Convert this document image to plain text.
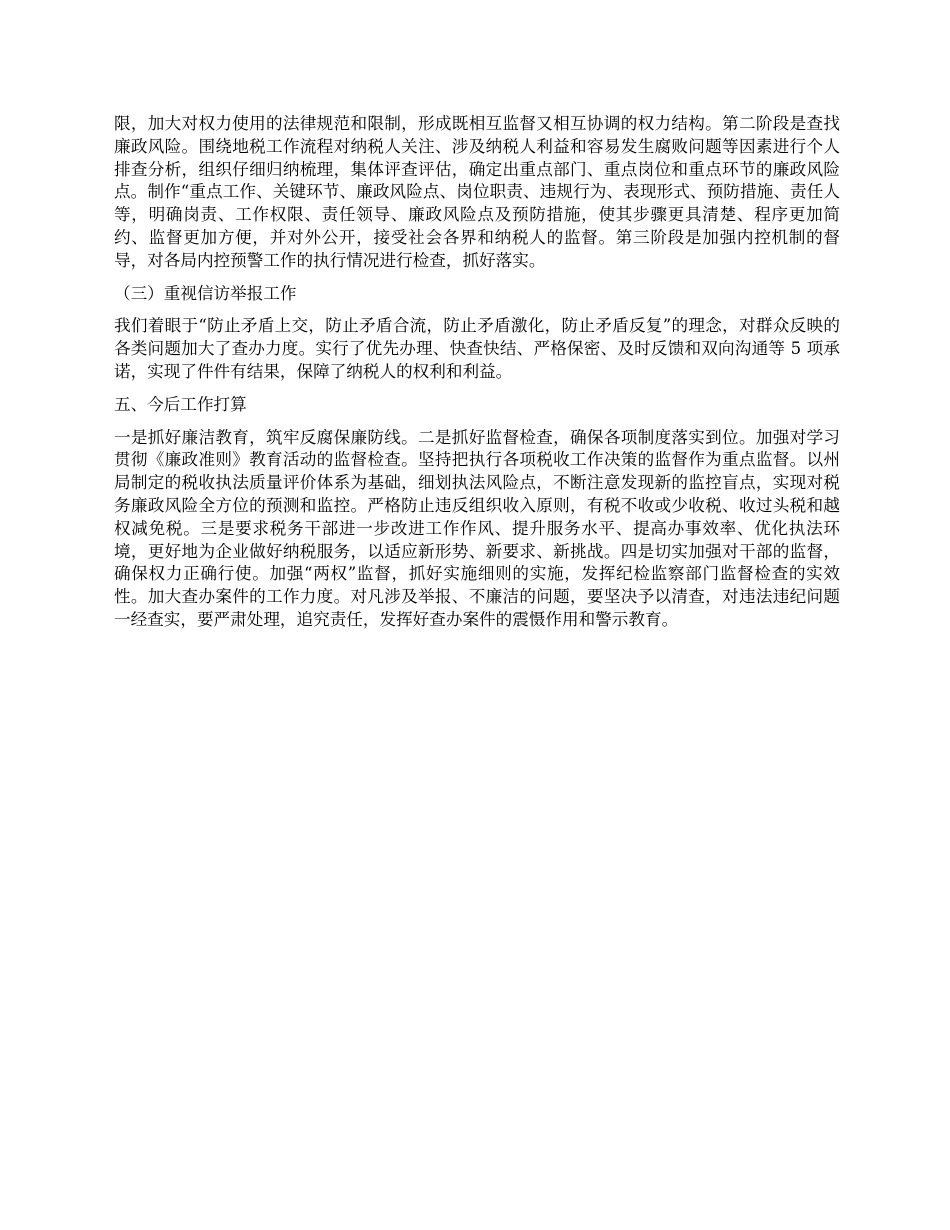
限，加大对权力使用的法律规范和限制，形成既相互监督又相互协调的权力结构。第二阶段是查找廉政风险。围绕地税工作流程对纳税人关注、涉及纳税人利益和容易发生腐败问题等因素进行个人排查分析，组织仔细归纳梳理，集体评查评估，确定出重点部门、重点岗位和重点环节的廉政风险点。制作“重点工作、关键环节、廉政风险点、岗位职责、违规行为、表现形式、预防措施、责任人等，明确岗责、工作权限、责任领导、廉政风险点及预防措施，使其步骤更具清楚、程序更加简约、监督更加方便，并对外公开，接受社会各界和纳税人的监督。第三阶段是加强内控机制的督导，对各局内控预警工作的执行情况进行检查，抓好落实。

（三）重视信访举报工作

我们着眼于“防止矛盾上交，防止矛盾合流，防止矛盾激化，防止矛盾反复”的理念，对群众反映的各类问题加大了查办力度。实行了优先办理、快查快结、严格保密、及时反馈和双向沟通等 5 项承诺，实现了件件有结果，保障了纳税人的权利和利益。

五、今后工作打算

一是抓好廉洁教育，筑牢反腐保廉防线。二是抓好监督检查，确保各项制度落实到位。加强对学习贯彻《廉政准则》教育活动的监督检查。坚持把执行各项税收工作决策的监督作为重点监督。以州局制定的税收执法质量评价体系为基础，细划执法风险点，不断注意发现新的监控盲点，实现对税务廉政风险全方位的预测和监控。严格防止违反组织收入原则，有税不收或少收税、收过头税和越权减免税。三是要求税务干部进一步改进工作作风、提升服务水平、提高办事效率、优化执法环境，更好地为企业做好纳税服务，以适应新形势、新要求、新挑战。四是切实加强对干部的监督，确保权力正确行使。加强“两权”监督，抓好实施细则的实施，发挥纪检监察部门监督检查的实效性。加大查办案件的工作力度。对凡涉及举报、不廉洁的问题，要坚决予以清查，对违法违纪问题一经查实，要严肃处理，追究责任，发挥好查办案件的震慑作用和警示教育。
